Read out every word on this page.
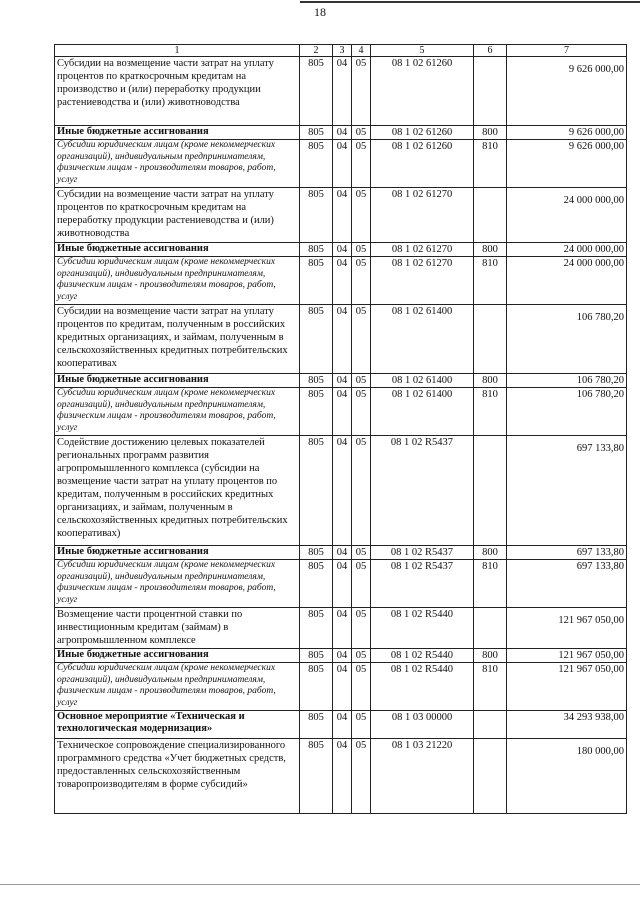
18
1	2	3	4	5	6	7
Субсидии на возмещение части затрат на уплату процентов по краткосрочным кредитам на производство и (или) переработку продукции растениеводства и (или) животноводства	805	04	05	08 1 02 61260		9 626 000,00
Иные бюджетные ассигнования	805	04	05	08 1 02 61260	800	9 626 000,00
Субсидии юридическим лицам (кроме некоммерческих организаций), индивидуальным предпринимателям, физическим лицам - производителям товаров, работ, услуг	805	04	05	08 1 02 61260	810	9 626 000,00
Субсидии на возмещение части затрат на уплату процентов по краткосрочным кредитам на переработку продукции растениеводства и (или) животноводства	805	04	05	08 1 02 61270		24 000 000,00
Иные бюджетные ассигнования	805	04	05	08 1 02 61270	800	24 000 000,00
Субсидии юридическим лицам (кроме некоммерческих организаций), индивидуальным предпринимателям, физическим лицам - производителям товаров, работ, услуг	805	04	05	08 1 02 61270	810	24 000 000,00
Субсидии на возмещение части затрат на уплату процентов по кредитам, полученным в российских кредитных организациях, и займам, полученным в сельскохозяйственных кредитных потребительских кооперативах	805	04	05	08 1 02 61400		106 780,20
Иные бюджетные ассигнования	805	04	05	08 1 02 61400	800	106 780,20
Субсидии юридическим лицам (кроме некоммерческих организаций), индивидуальным предпринимателям, физическим лицам - производителям товаров, работ, услуг	805	04	05	08 1 02 61400	810	106 780,20
Содействие достижению целевых показателей региональных программ развития агропромышленного комплекса (субсидии на возмещение части затрат на уплату процентов по кредитам, полученным в российских кредитных организациях, и займам, полученным в сельскохозяйственных кредитных потребительских кооперативах)	805	04	05	08 1 02 R5437		697 133,80
Иные бюджетные ассигнования	805	04	05	08 1 02 R5437	800	697 133,80
Субсидии юридическим лицам (кроме некоммерческих организаций), индивидуальным предпринимателям, физическим лицам - производителям товаров, работ, услуг	805	04	05	08 1 02 R5437	810	697 133,80
Возмещение части процентной ставки по инвестиционным кредитам (займам) в агропромышленном комплексе	805	04	05	08 1 02 R5440		121 967 050,00
Иные бюджетные ассигнования	805	04	05	08 1 02 R5440	800	121 967 050,00
Субсидии юридическим лицам (кроме некоммерческих организаций), индивидуальным предпринимателям, физическим лицам - производителям товаров, работ, услуг	805	04	05	08 1 02 R5440	810	121 967 050,00
Основное мероприятие «Техническая и технологическая модернизация»	805	04	05	08 1 03 00000		34 293 938,00
Техническое сопровождение специализированного программного средства «Учет бюджетных средств, предоставленных сельскохозяйственным товаропроизводителям в форме субсидий»	805	04	05	08 1 03 21220		180 000,00
